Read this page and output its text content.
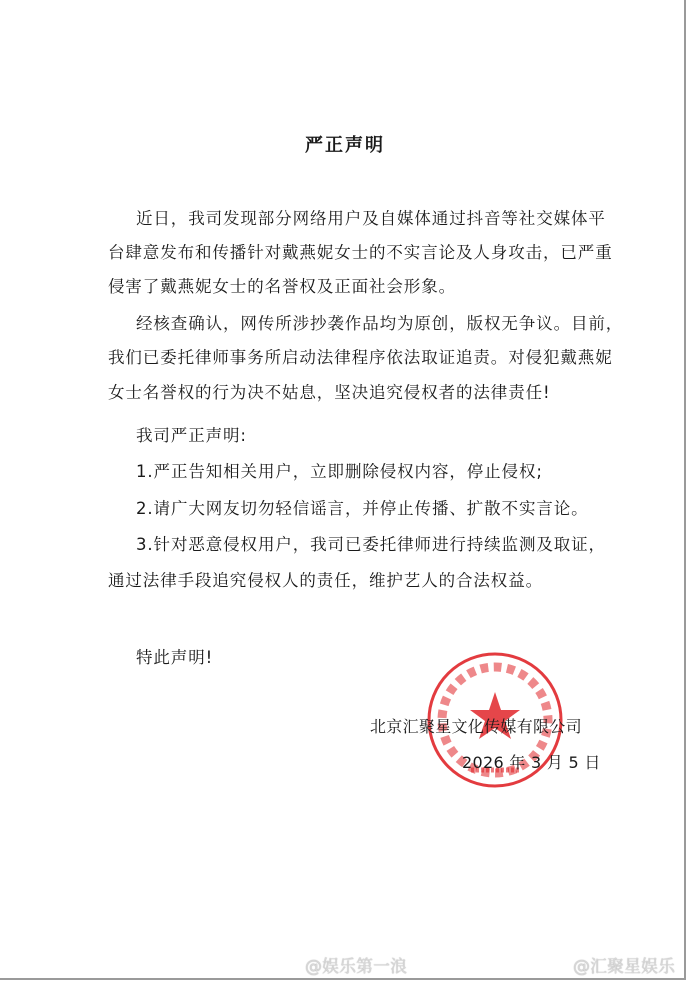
严正声明
近日，我司发现部分网络用户及自媒体通过抖音等社交媒体平
台肆意发布和传播针对戴燕妮女士的不实言论及人身攻击，已严重
侵害了戴燕妮女士的名誉权及正面社会形象。
经核查确认，网传所涉抄袭作品均为原创，版权无争议。目前，
我们已委托律师事务所启动法律程序依法取证追责。对侵犯戴燕妮
女士名誉权的行为决不姑息，坚决追究侵权者的法律责任!
我司严正声明:
1.严正告知相关用户，立即删除侵权内容，停止侵权;
2.请广大网友切勿轻信谣言，并停止传播、扩散不实言论。
3.针对恶意侵权用户，我司已委托律师进行持续监测及取证，
通过法律手段追究侵权人的责任，维护艺人的合法权益。
特此声明!
北京汇聚星文化传媒有限公司
2026 年 3 月 5 日
@娱乐第一浪	@汇聚星娱乐
